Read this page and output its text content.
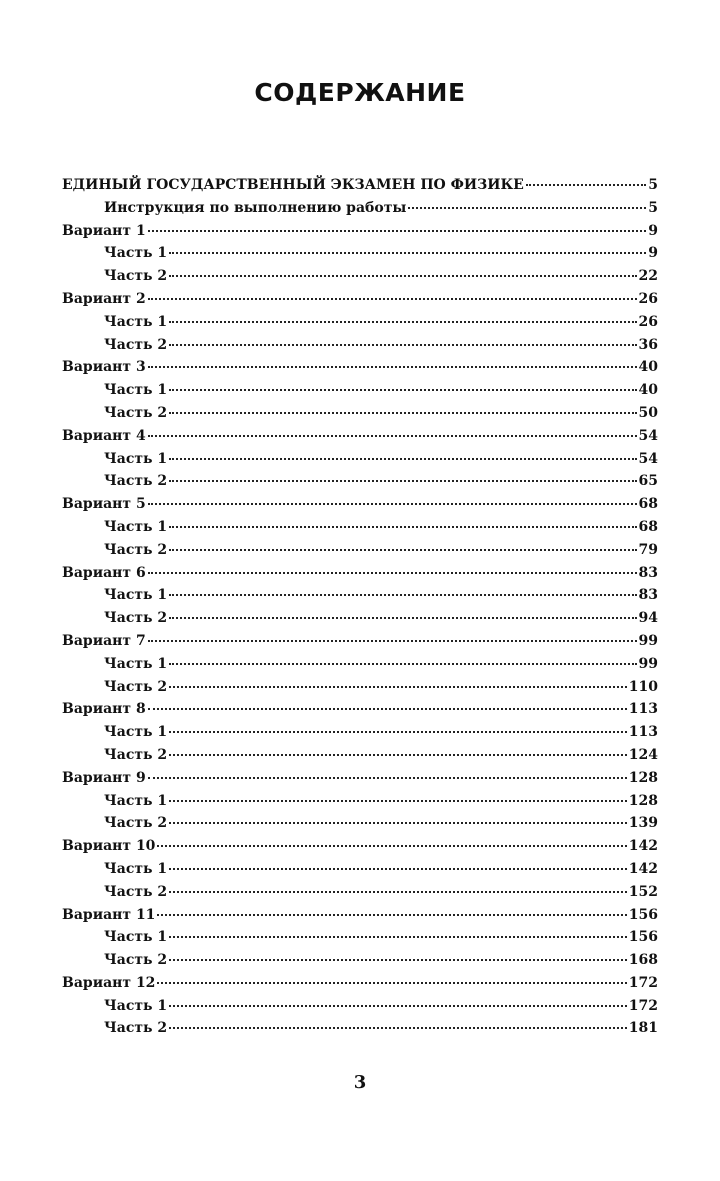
СОДЕРЖАНИЕ
ЕДИНЫЙ ГОСУДАРСТВЕННЫЙ ЭКЗАМЕН ПО ФИЗИКЕ	5
Инструкция по выполнению работы	5
Вариант 1	9
Часть 1	9
Часть 2	22
Вариант 2	26
Часть 1	26
Часть 2	36
Вариант 3	40
Часть 1	40
Часть 2	50
Вариант 4	54
Часть 1	54
Часть 2	65
Вариант 5	68
Часть 1	68
Часть 2	79
Вариант 6	83
Часть 1	83
Часть 2	94
Вариант 7	99
Часть 1	99
Часть 2	110
Вариант 8	113
Часть 1	113
Часть 2	124
Вариант 9	128
Часть 1	128
Часть 2	139
Вариант 10	142
Часть 1	142
Часть 2	152
Вариант 11	156
Часть 1	156
Часть 2	168
Вариант 12	172
Часть 1	172
Часть 2	181
3
